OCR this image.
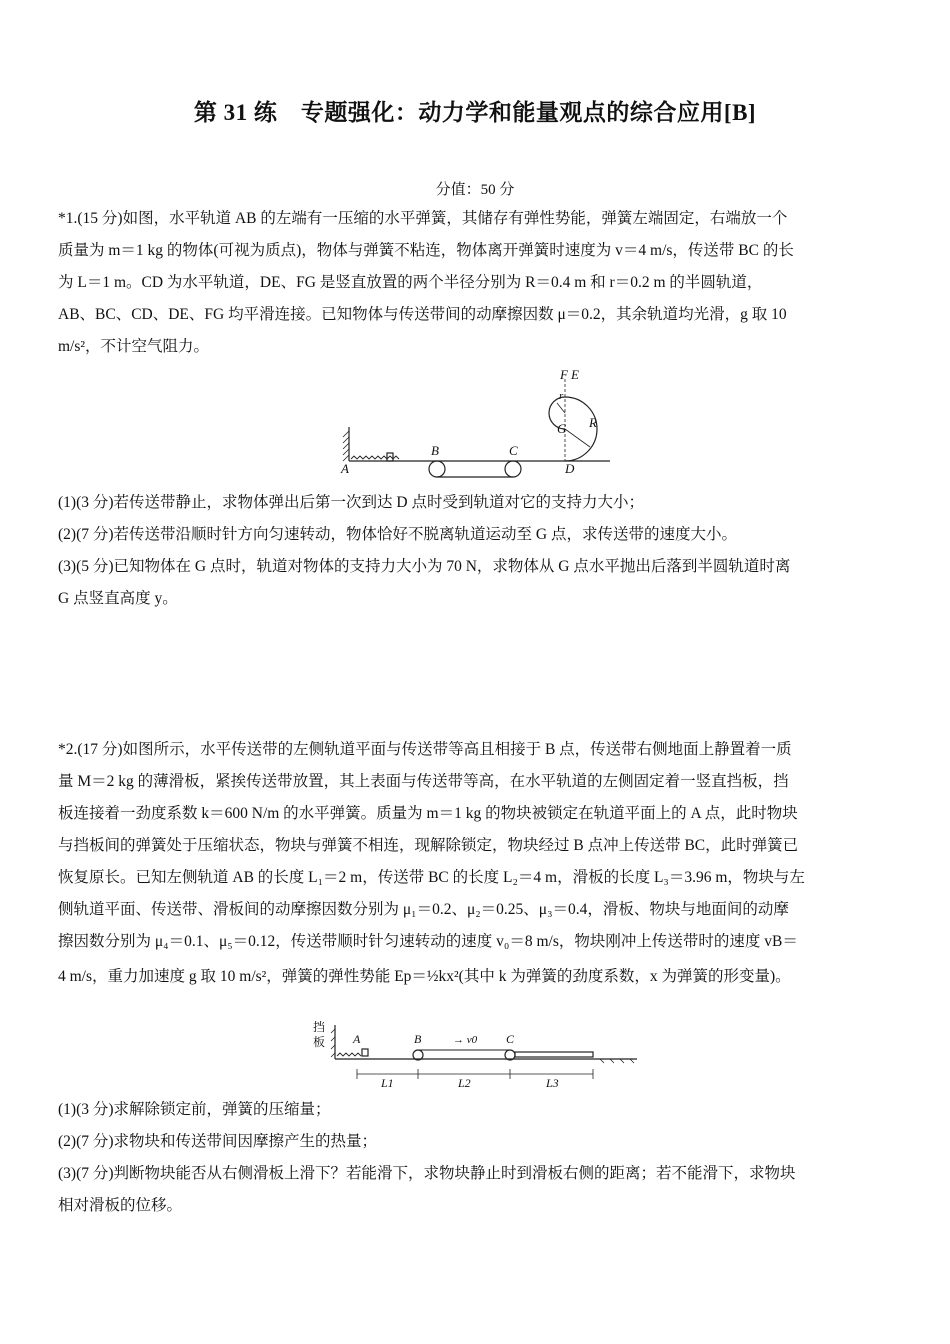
第 31 练　专题强化：动力学和能量观点的综合应用[B]
分值：50 分

*1.(15 分)如图，水平轨道 AB 的左端有一压缩的水平弹簧，其储存有弹性势能，弹簧左端固定，右端放一个

质量为 m＝1 kg 的物体(可视为质点)，物体与弹簧不粘连，物体离开弹簧时速度为 v＝4 m/s，传送带 BC 的长

为 L＝1 m。CD 为水平轨道，DE、FG 是竖直放置的两个半径分别为 R＝0.4 m 和 r＝0.2 m 的半圆轨道，

AB、BC、CD、DE、FG 均平滑连接。已知物体与传送带间的动摩擦因数 μ＝0.2，其余轨道均光滑，g 取 10

m/s²，不计空气阻力。

F E
r
R
G
A
B	C
D

(1)(3 分)若传送带静止，求物体弹出后第一次到达 D 点时受到轨道对它的支持力大小；

(2)(7 分)若传送带沿顺时针方向匀速转动，物体恰好不脱离轨道运动至 G 点，求传送带的速度大小。

(3)(5 分)已知物体在 G 点时，轨道对物体的支持力大小为 70 N，求物体从 G 点水平抛出后落到半圆轨道时离

G 点竖直高度 y。

*2.(17 分)如图所示，水平传送带的左侧轨道平面与传送带等高且相接于 B 点，传送带右侧地面上静置着一质

量 M＝2 kg 的薄滑板，紧挨传送带放置，其上表面与传送带等高，在水平轨道的左侧固定着一竖直挡板，挡

板连接着一劲度系数 k＝600 N/m 的水平弹簧。质量为 m＝1 kg 的物块被锁定在轨道平面上的 A 点，此时物块

与挡板间的弹簧处于压缩状态，物块与弹簧不相连，现解除锁定，物块经过 B 点冲上传送带 BC，此时弹簧已

恢复原长。已知左侧轨道 AB 的长度 L₁＝2 m，传送带 BC 的长度 L₂＝4 m，滑板的长度 L₃＝3.96 m，物块与左

侧轨道平面、传送带、滑板间的动摩擦因数分别为 μ₁＝0.2、μ₂＝0.25、μ₃＝0.4，滑板、物块与地面间的动摩

擦因数分别为 μ₄＝0.1、μ₅＝0.12，传送带顺时针匀速转动的速度 v₀＝8 m/s，物块刚冲上传送带时的速度 vB＝

4 m/s，重力加速度 g 取 10 m/s²，弹簧的弹性势能 Ep＝½kx²(其中 k 为弹簧的劲度系数，x 为弹簧的形变量)。

挡
板 A	B	→ v0 C
L1	L2	L3

(1)(3 分)求解除锁定前，弹簧的压缩量；

(2)(7 分)求物块和传送带间因摩擦产生的热量；

(3)(7 分)判断物块能否从右侧滑板上滑下？若能滑下，求物块静止时到滑板右侧的距离；若不能滑下，求物块

相对滑板的位移。
